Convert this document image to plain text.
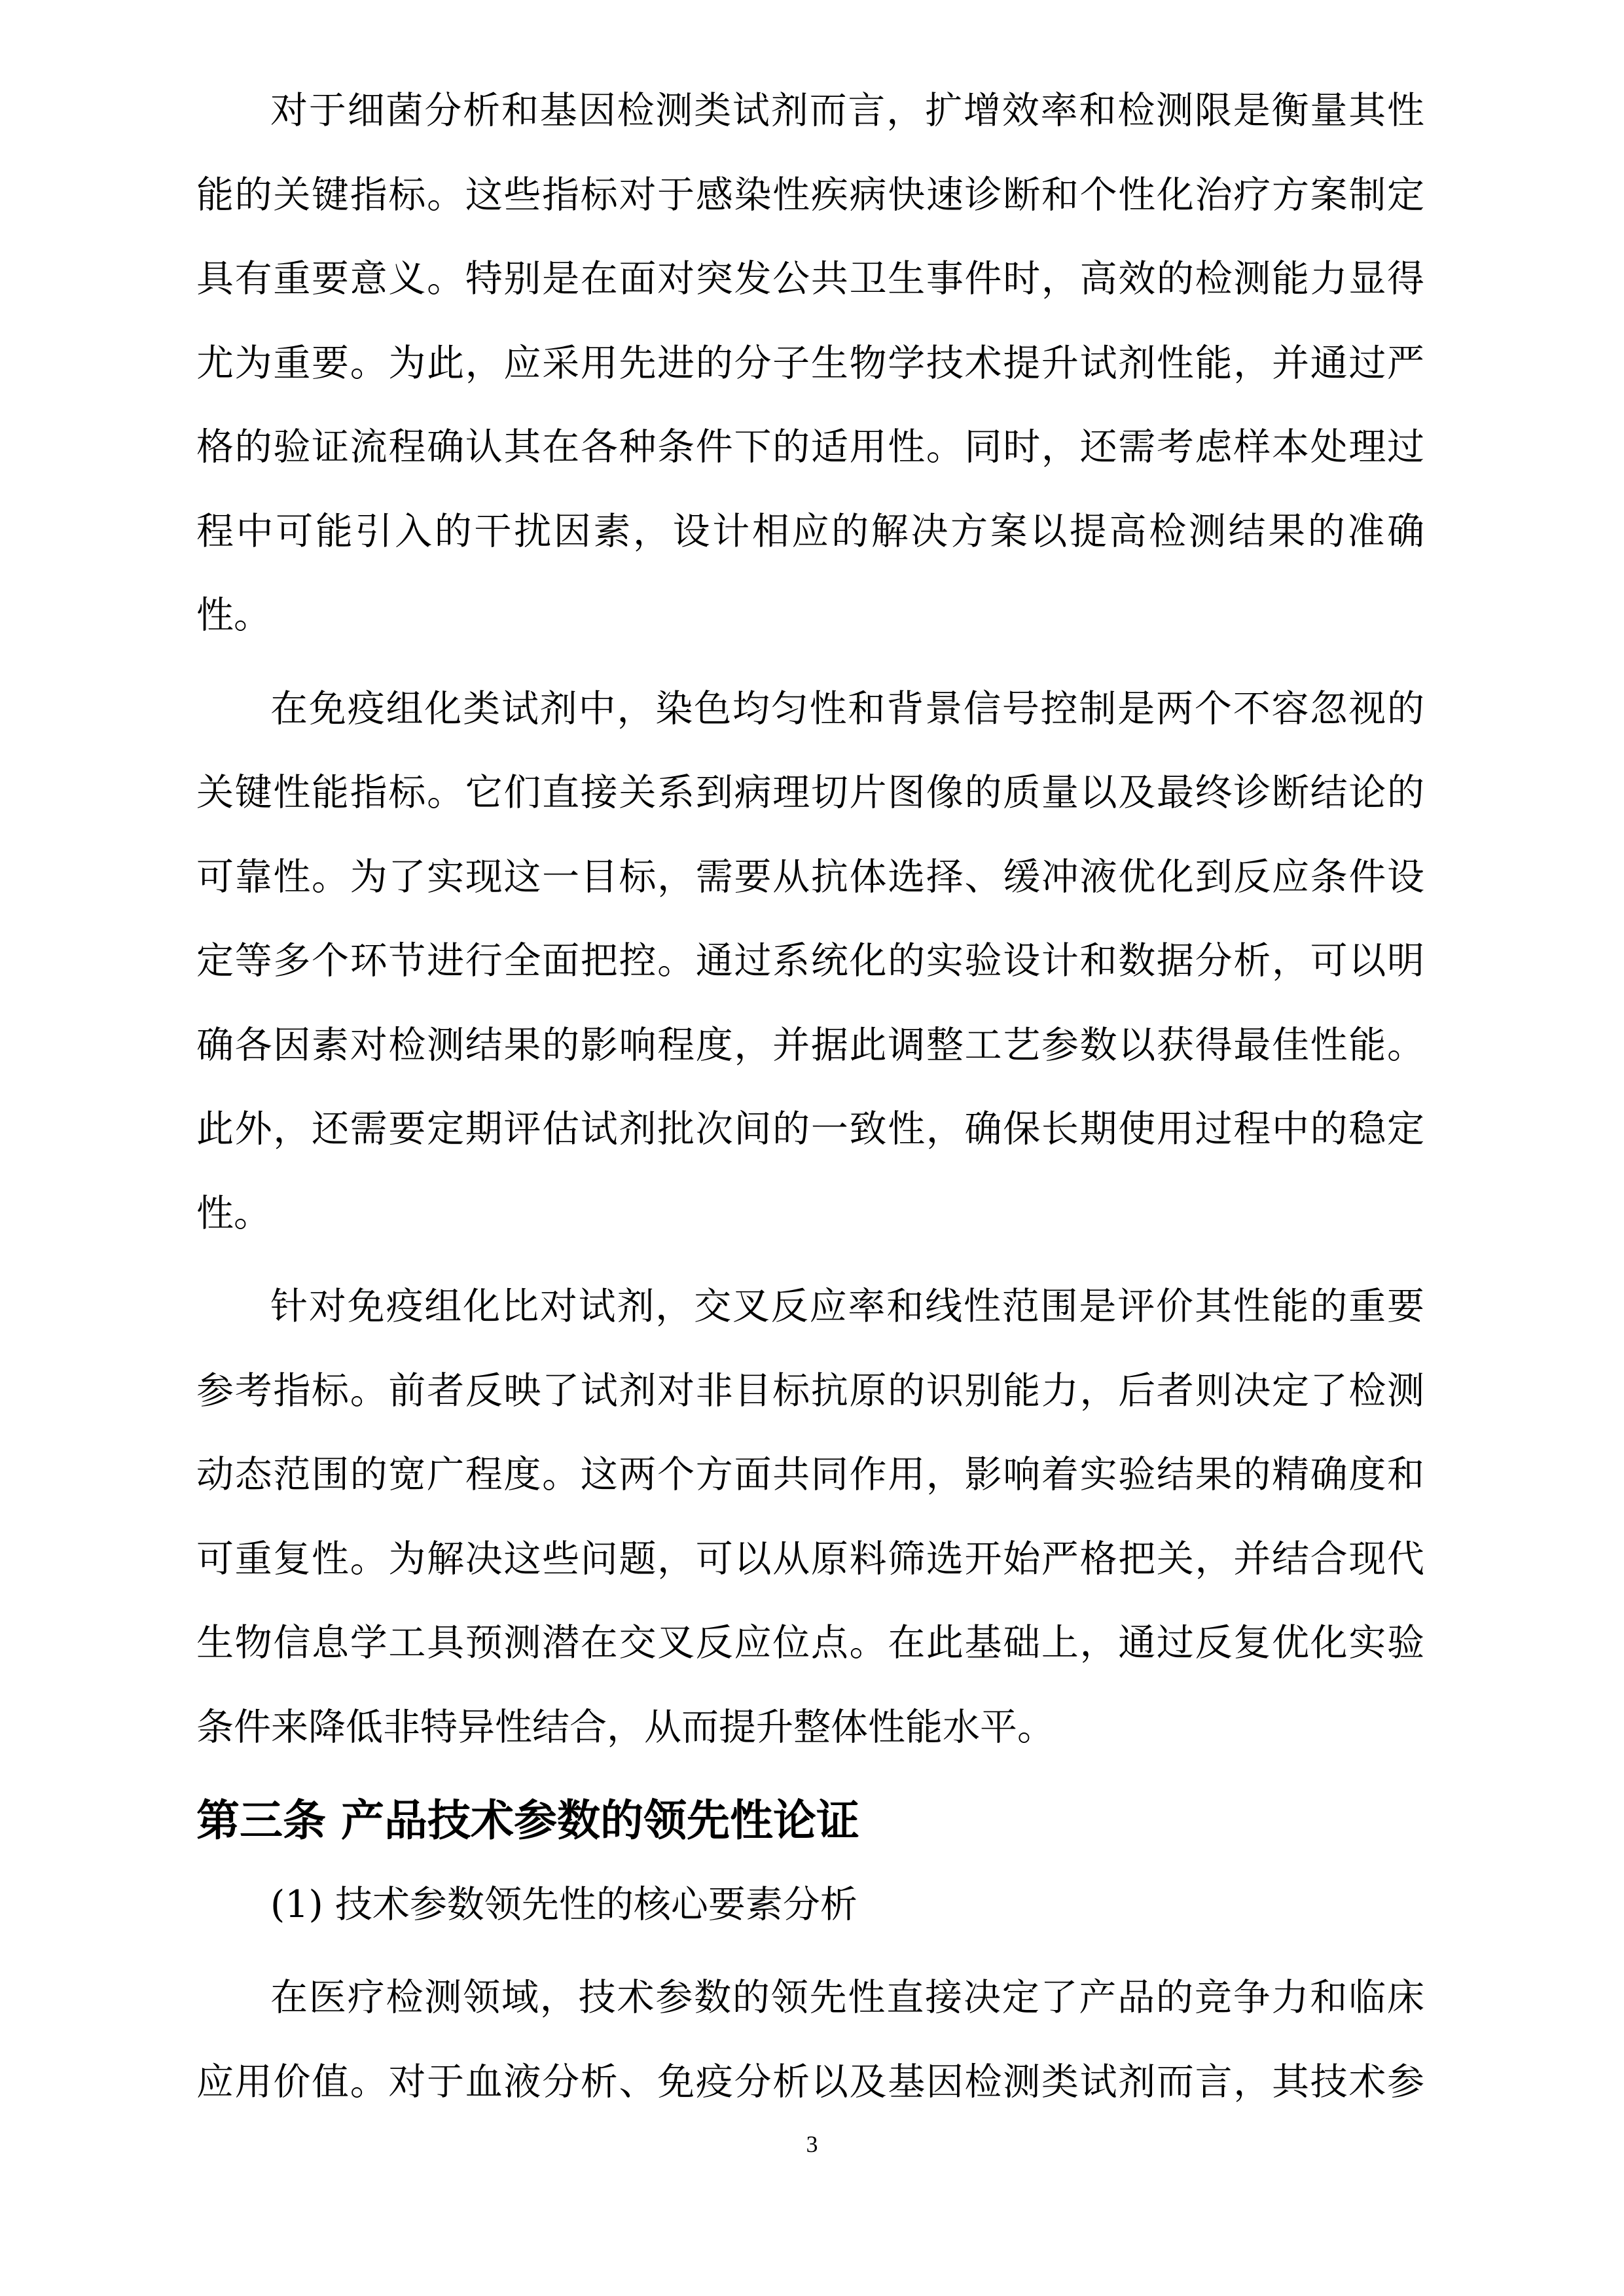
对于细菌分析和基因检测类试剂而言，扩增效率和检测限是衡量其性
能的关键指标。这些指标对于感染性疾病快速诊断和个性化治疗方案制定
具有重要意义。特别是在面对突发公共卫生事件时，高效的检测能力显得
尤为重要。为此，应采用先进的分子生物学技术提升试剂性能，并通过严
格的验证流程确认其在各种条件下的适用性。同时，还需考虑样本处理过
程中可能引入的干扰因素，设计相应的解决方案以提高检测结果的准确
性。
在免疫组化类试剂中，染色均匀性和背景信号控制是两个不容忽视的
关键性能指标。它们直接关系到病理切片图像的质量以及最终诊断结论的
可靠性。为了实现这一目标，需要从抗体选择、缓冲液优化到反应条件设
定等多个环节进行全面把控。通过系统化的实验设计和数据分析，可以明
确各因素对检测结果的影响程度，并据此调整工艺参数以获得最佳性能。
此外，还需要定期评估试剂批次间的一致性，确保长期使用过程中的稳定
性。
针对免疫组化比对试剂，交叉反应率和线性范围是评价其性能的重要
参考指标。前者反映了试剂对非目标抗原的识别能力，后者则决定了检测
动态范围的宽广程度。这两个方面共同作用，影响着实验结果的精确度和
可重复性。为解决这些问题，可以从原料筛选开始严格把关，并结合现代
生物信息学工具预测潜在交叉反应位点。在此基础上，通过反复优化实验
条件来降低非特异性结合，从而提升整体性能水平。
第三条 产品技术参数的领先性论证
(1) 技术参数领先性的核心要素分析
在医疗检测领域，技术参数的领先性直接决定了产品的竞争力和临床
应用价值。对于血液分析、免疫分析以及基因检测类试剂而言，其技术参
3
